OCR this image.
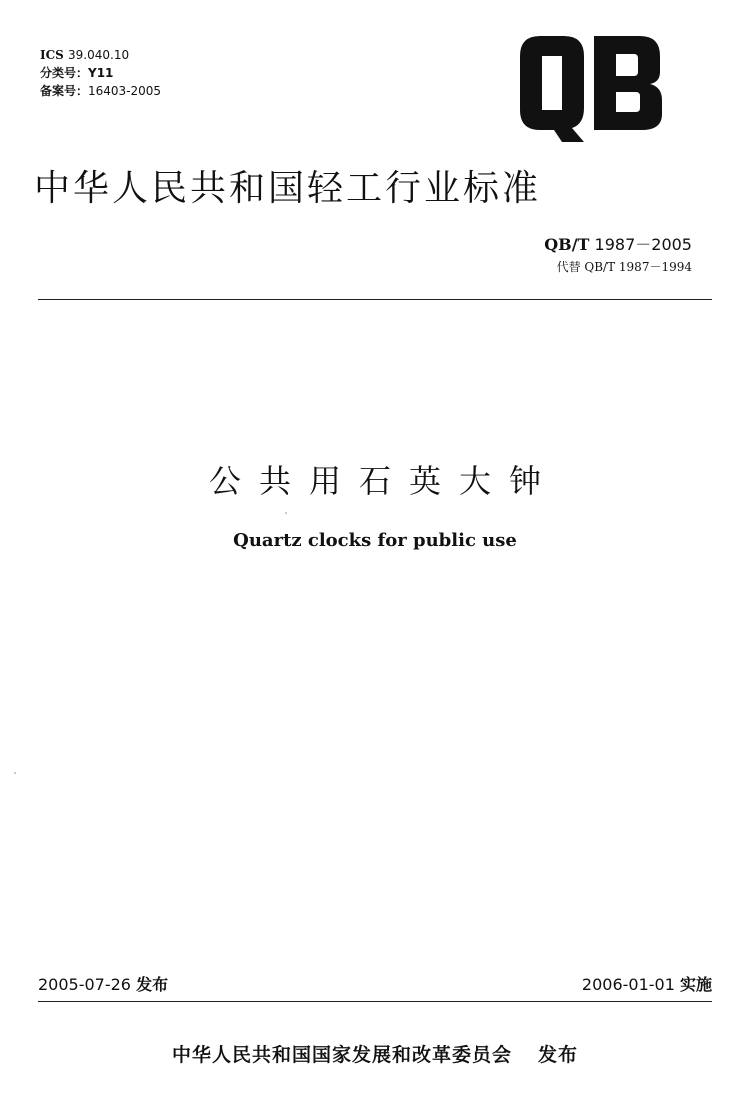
ICS 39.040.10
分类号：Y11
备案号：16403-2005
中华人民共和国轻工行业标准
QB/T 1987－2005
代替 QB/T 1987－1994
公共用石英大钟
Quartz clocks for public use
2005-07-26 发布	2006-01-01 实施
中华人民共和国国家发展和改革委员会 发布
